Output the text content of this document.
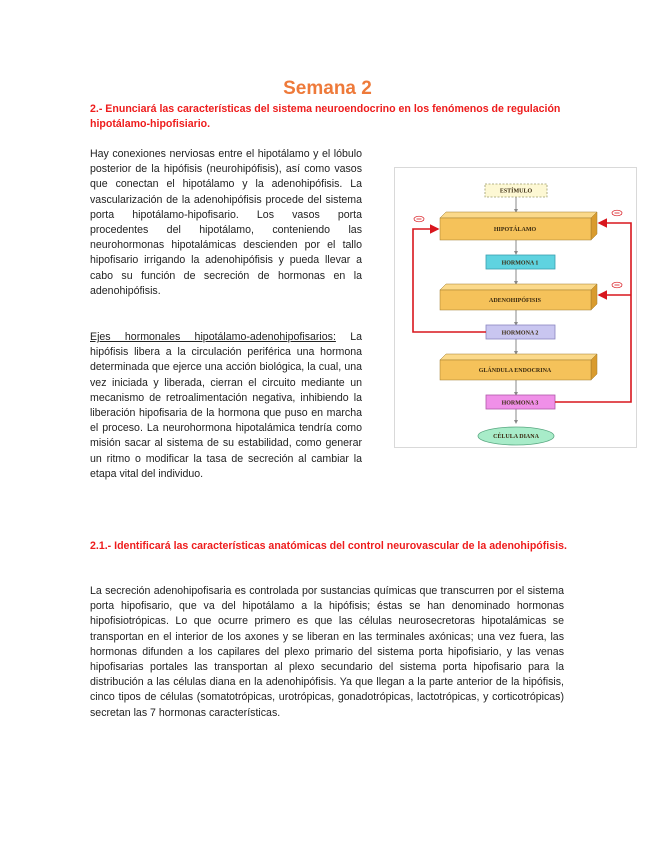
Semana 2
2.- Enunciará las características del sistema neuroendocrino en los fenómenos de regulación hipotálamo-hipofisiario.
Hay conexiones nerviosas entre el hipotálamo y el lóbulo posterior de la hipófisis (neurohipófisis), así como vasos que conectan el hipotálamo y la adenohipófisis. La vascularización de la adenohipófisis procede del sistema porta hipotálamo-hipofisario. Los vasos porta procedentes del hipotálamo, conteniendo las neurohormonas hipotalámicas descienden por el tallo hipofisario irrigando la adenohipófisis y pueda llevar a cabo su función de secreción de hormonas en la adenohipófisis.
Ejes hormonales hipotálamo-adenohipofisarios: La hipófisis libera a la circulación periférica una hormona determinada que ejerce una acción biológica, la cual, una vez iniciada y liberada, cierran el circuito mediante un mecanismo de retroalimentación negativa, inhibiendo la liberación hipofisaria de la hormona que puso en marcha el proceso. La neurohormona hipotalámica tendría como misión sacar al sistema de su estabilidad, como generar un ritmo o modificar la tasa de secreción al cambiar la etapa vital del individuo.
ESTÍMULO
HIPOTÁLAMO
HORMONA 1
ADENOHIPÓFISIS
HORMONA 2
GLÁNDULA ENDOCRINA
HORMONA 3
CÉLULA DIANA
2.1.- Identificará las características anatómicas del control neurovascular de la adenohipófisis.
La secreción adenohipofisaria es controlada por sustancias químicas que transcurren por el sistema porta hipofisario, que va del hipotálamo a la hipófisis; éstas se han denominado hormonas hipofisiotrópicas. Lo que ocurre primero es que las células neurosecretoras hipotalámicas se transportan en el interior de los axones y se liberan en las terminales axónicas; una vez fuera, las hormonas difunden a los capilares del plexo primario del sistema porta hipofisiario, y las venas hipofisarias portales las transportan al plexo secundario del sistema porta hipofisario para la distribución a las células diana en la adenohipófisis. Ya que llegan a la parte anterior de la hipófisis, cinco tipos de células (somatotrópicas, urotrópicas, gonadotrópicas, lactotrópicas, y corticotrópicas) secretan las 7 hormonas características.
